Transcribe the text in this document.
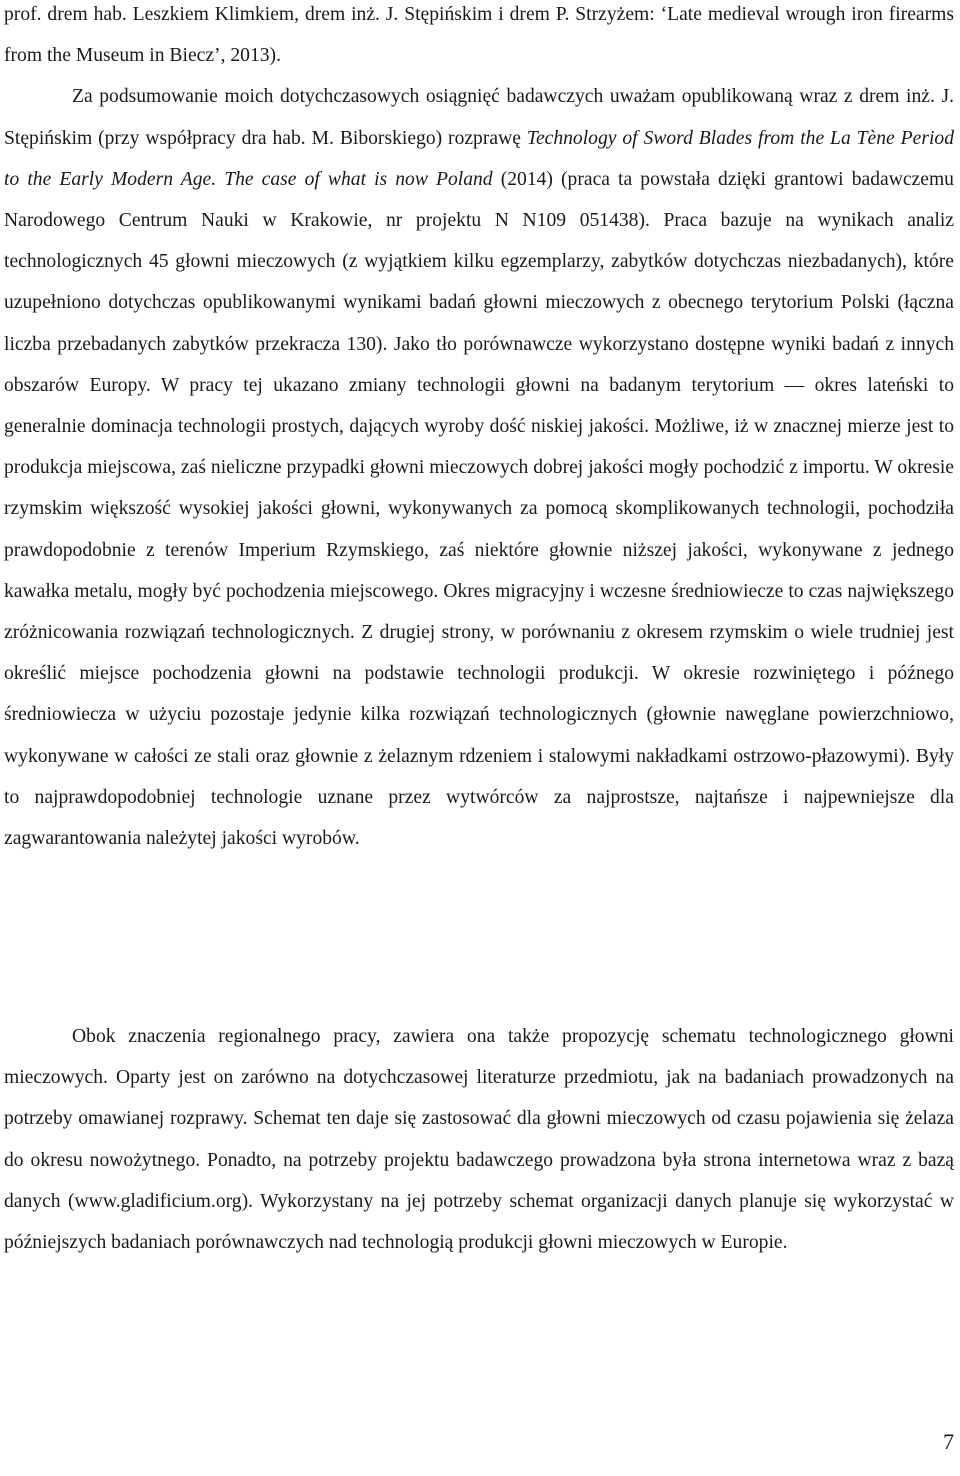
prof. drem hab. Leszkiem Klimkiem, drem inż. J. Stępińskim i drem P. Strzyżem: ‘Late medieval wrough iron firearms from the Museum in Biecz’, 2013).

Za podsumowanie moich dotychczasowych osiągnięć badawczych uważam opublikowaną wraz z drem inż. J. Stępińskim (przy współpracy dra hab. M. Biborskiego) rozprawę Technology of Sword Blades from the La Tène Period to the Early Modern Age. The case of what is now Poland (2014) (praca ta powstała dzięki grantowi badawczemu Narodowego Centrum Nauki w Krakowie, nr projektu N N109 051438). Praca bazuje na wynikach analiz technologicznych 45 głowni mieczowych (z wyjątkiem kilku egzemplarzy, zabytków dotychczas niezbadanych), które uzupełniono dotychczas opublikowanymi wynikami badań głowni mieczowych z obecnego terytorium Polski (łączna liczba przebadanych zabytków przekracza 130). Jako tło porównawcze wykorzystano dostępne wyniki badań z innych obszarów Europy. W pracy tej ukazano zmiany technologii głowni na badanym terytorium — okres lateński to generalnie dominacja technologii prostych, dających wyroby dość niskiej jakości. Możliwe, iż w znacznej mierze jest to produkcja miejscowa, zaś nieliczne przypadki głowni mieczowych dobrej jakości mogły pochodzić z importu. W okresie rzymskim większość wysokiej jakości głowni, wykonywanych za pomocą skomplikowanych technologii, pochodziła prawdopodobnie z terenów Imperium Rzymskiego, zaś niektóre głownie niższej jakości, wykonywane z jednego kawałka metalu, mogły być pochodzenia miejscowego. Okres migracyjny i wczesne średniowiecze to czas największego zróżnicowania rozwiązań technologicznych. Z drugiej strony, w porównaniu z okresem rzymskim o wiele trudniej jest określić miejsce pochodzenia głowni na podstawie technologii produkcji. W okresie rozwiniętego i późnego średniowiecza w użyciu pozostaje jedynie kilka rozwiązań technologicznych (głownie nawęglane powierzchniowo, wykonywane w całości ze stali oraz głownie z żelaznym rdzeniem i stalowymi nakładkami ostrzowo-płazowymi). Były to najprawdopodobniej technologie uznane przez wytwórców za najprostsze, najtańsze i najpewniejsze dla zagwarantowania należytej jakości wyrobów.

Obok znaczenia regionalnego pracy, zawiera ona także propozycję schematu technologicznego głowni mieczowych. Oparty jest on zarówno na dotychczasowej literaturze przedmiotu, jak na badaniach prowadzonych na potrzeby omawianej rozprawy. Schemat ten daje się zastosować dla głowni mieczowych od czasu pojawienia się żelaza do okresu nowożytnego. Ponadto, na potrzeby projektu badawczego prowadzona była strona internetowa wraz z bazą danych (www.gladificium.org). Wykorzystany na jej potrzeby schemat organizacji danych planuje się wykorzystać w późniejszych badaniach porównawczych nad technologią produkcji głowni mieczowych w Europie.

7
